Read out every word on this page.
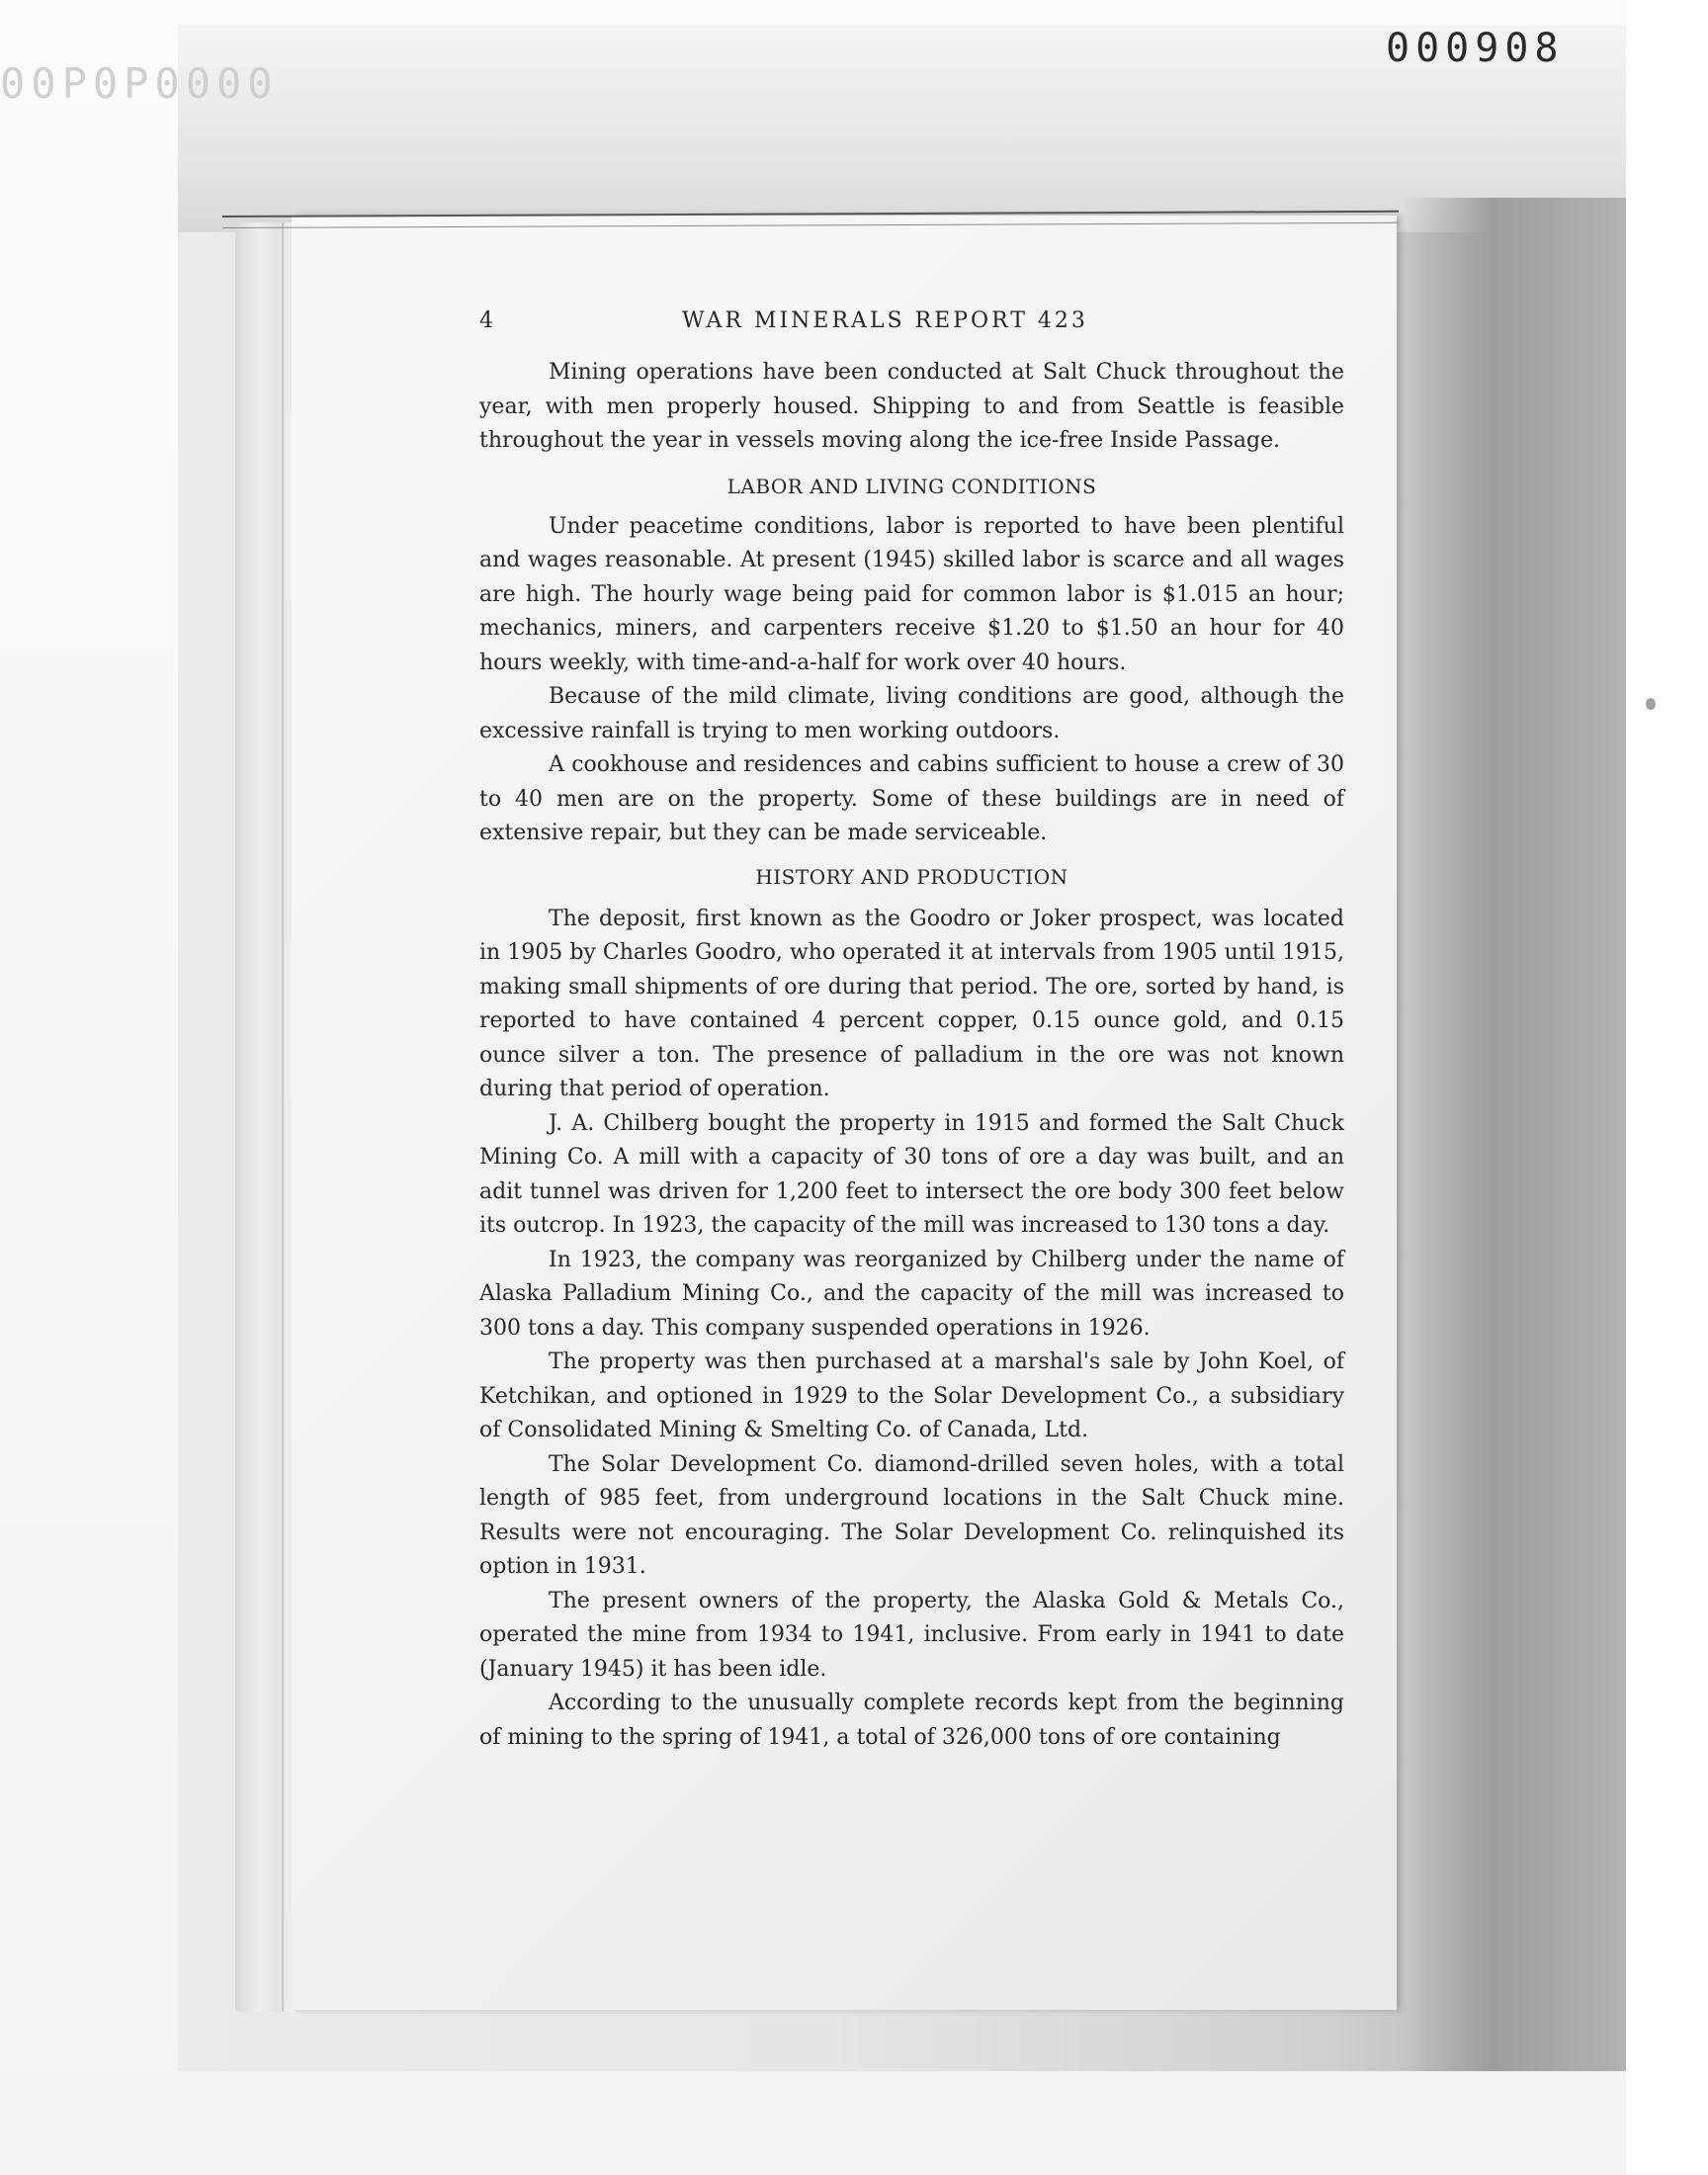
000908
00P0P0000
4	WAR MINERALS REPORT 423

Mining operations have been conducted at Salt Chuck throughout the year, with men properly housed. Shipping to and from Seattle is feasible throughout the year in vessels moving along the ice-free Inside Passage.

LABOR AND LIVING CONDITIONS

Under peacetime conditions, labor is reported to have been plentiful and wages reasonable. At present (1945) skilled labor is scarce and all wages are high. The hourly wage being paid for common labor is $1.015 an hour; mechanics, miners, and carpenters receive $1.20 to $1.50 an hour for 40 hours weekly, with time-and-a-half for work over 40 hours.

Because of the mild climate, living conditions are good, although the excessive rainfall is trying to men working outdoors.

A cookhouse and residences and cabins sufficient to house a crew of 30 to 40 men are on the property. Some of these buildings are in need of extensive repair, but they can be made serviceable.

HISTORY AND PRODUCTION

The deposit, first known as the Goodro or Joker prospect, was located in 1905 by Charles Goodro, who operated it at intervals from 1905 until 1915, making small shipments of ore during that period. The ore, sorted by hand, is reported to have contained 4 percent copper, 0.15 ounce gold, and 0.15 ounce silver a ton. The presence of palladium in the ore was not known during that period of operation.

J. A. Chilberg bought the property in 1915 and formed the Salt Chuck Mining Co. A mill with a capacity of 30 tons of ore a day was built, and an adit tunnel was driven for 1,200 feet to intersect the ore body 300 feet below its outcrop. In 1923, the capacity of the mill was increased to 130 tons a day.

In 1923, the company was reorganized by Chilberg under the name of Alaska Palladium Mining Co., and the capacity of the mill was increased to 300 tons a day. This company suspended operations in 1926.

The property was then purchased at a marshal's sale by John Koel, of Ketchikan, and optioned in 1929 to the Solar Development Co., a subsidiary of Consolidated Mining & Smelting Co. of Canada, Ltd.

The Solar Development Co. diamond-drilled seven holes, with a total length of 985 feet, from underground locations in the Salt Chuck mine. Results were not encouraging. The Solar Development Co. relinquished its option in 1931.

The present owners of the property, the Alaska Gold & Metals Co., operated the mine from 1934 to 1941, inclusive. From early in 1941 to date (January 1945) it has been idle.

According to the unusually complete records kept from the beginning of mining to the spring of 1941, a total of 326,000 tons of ore containing
